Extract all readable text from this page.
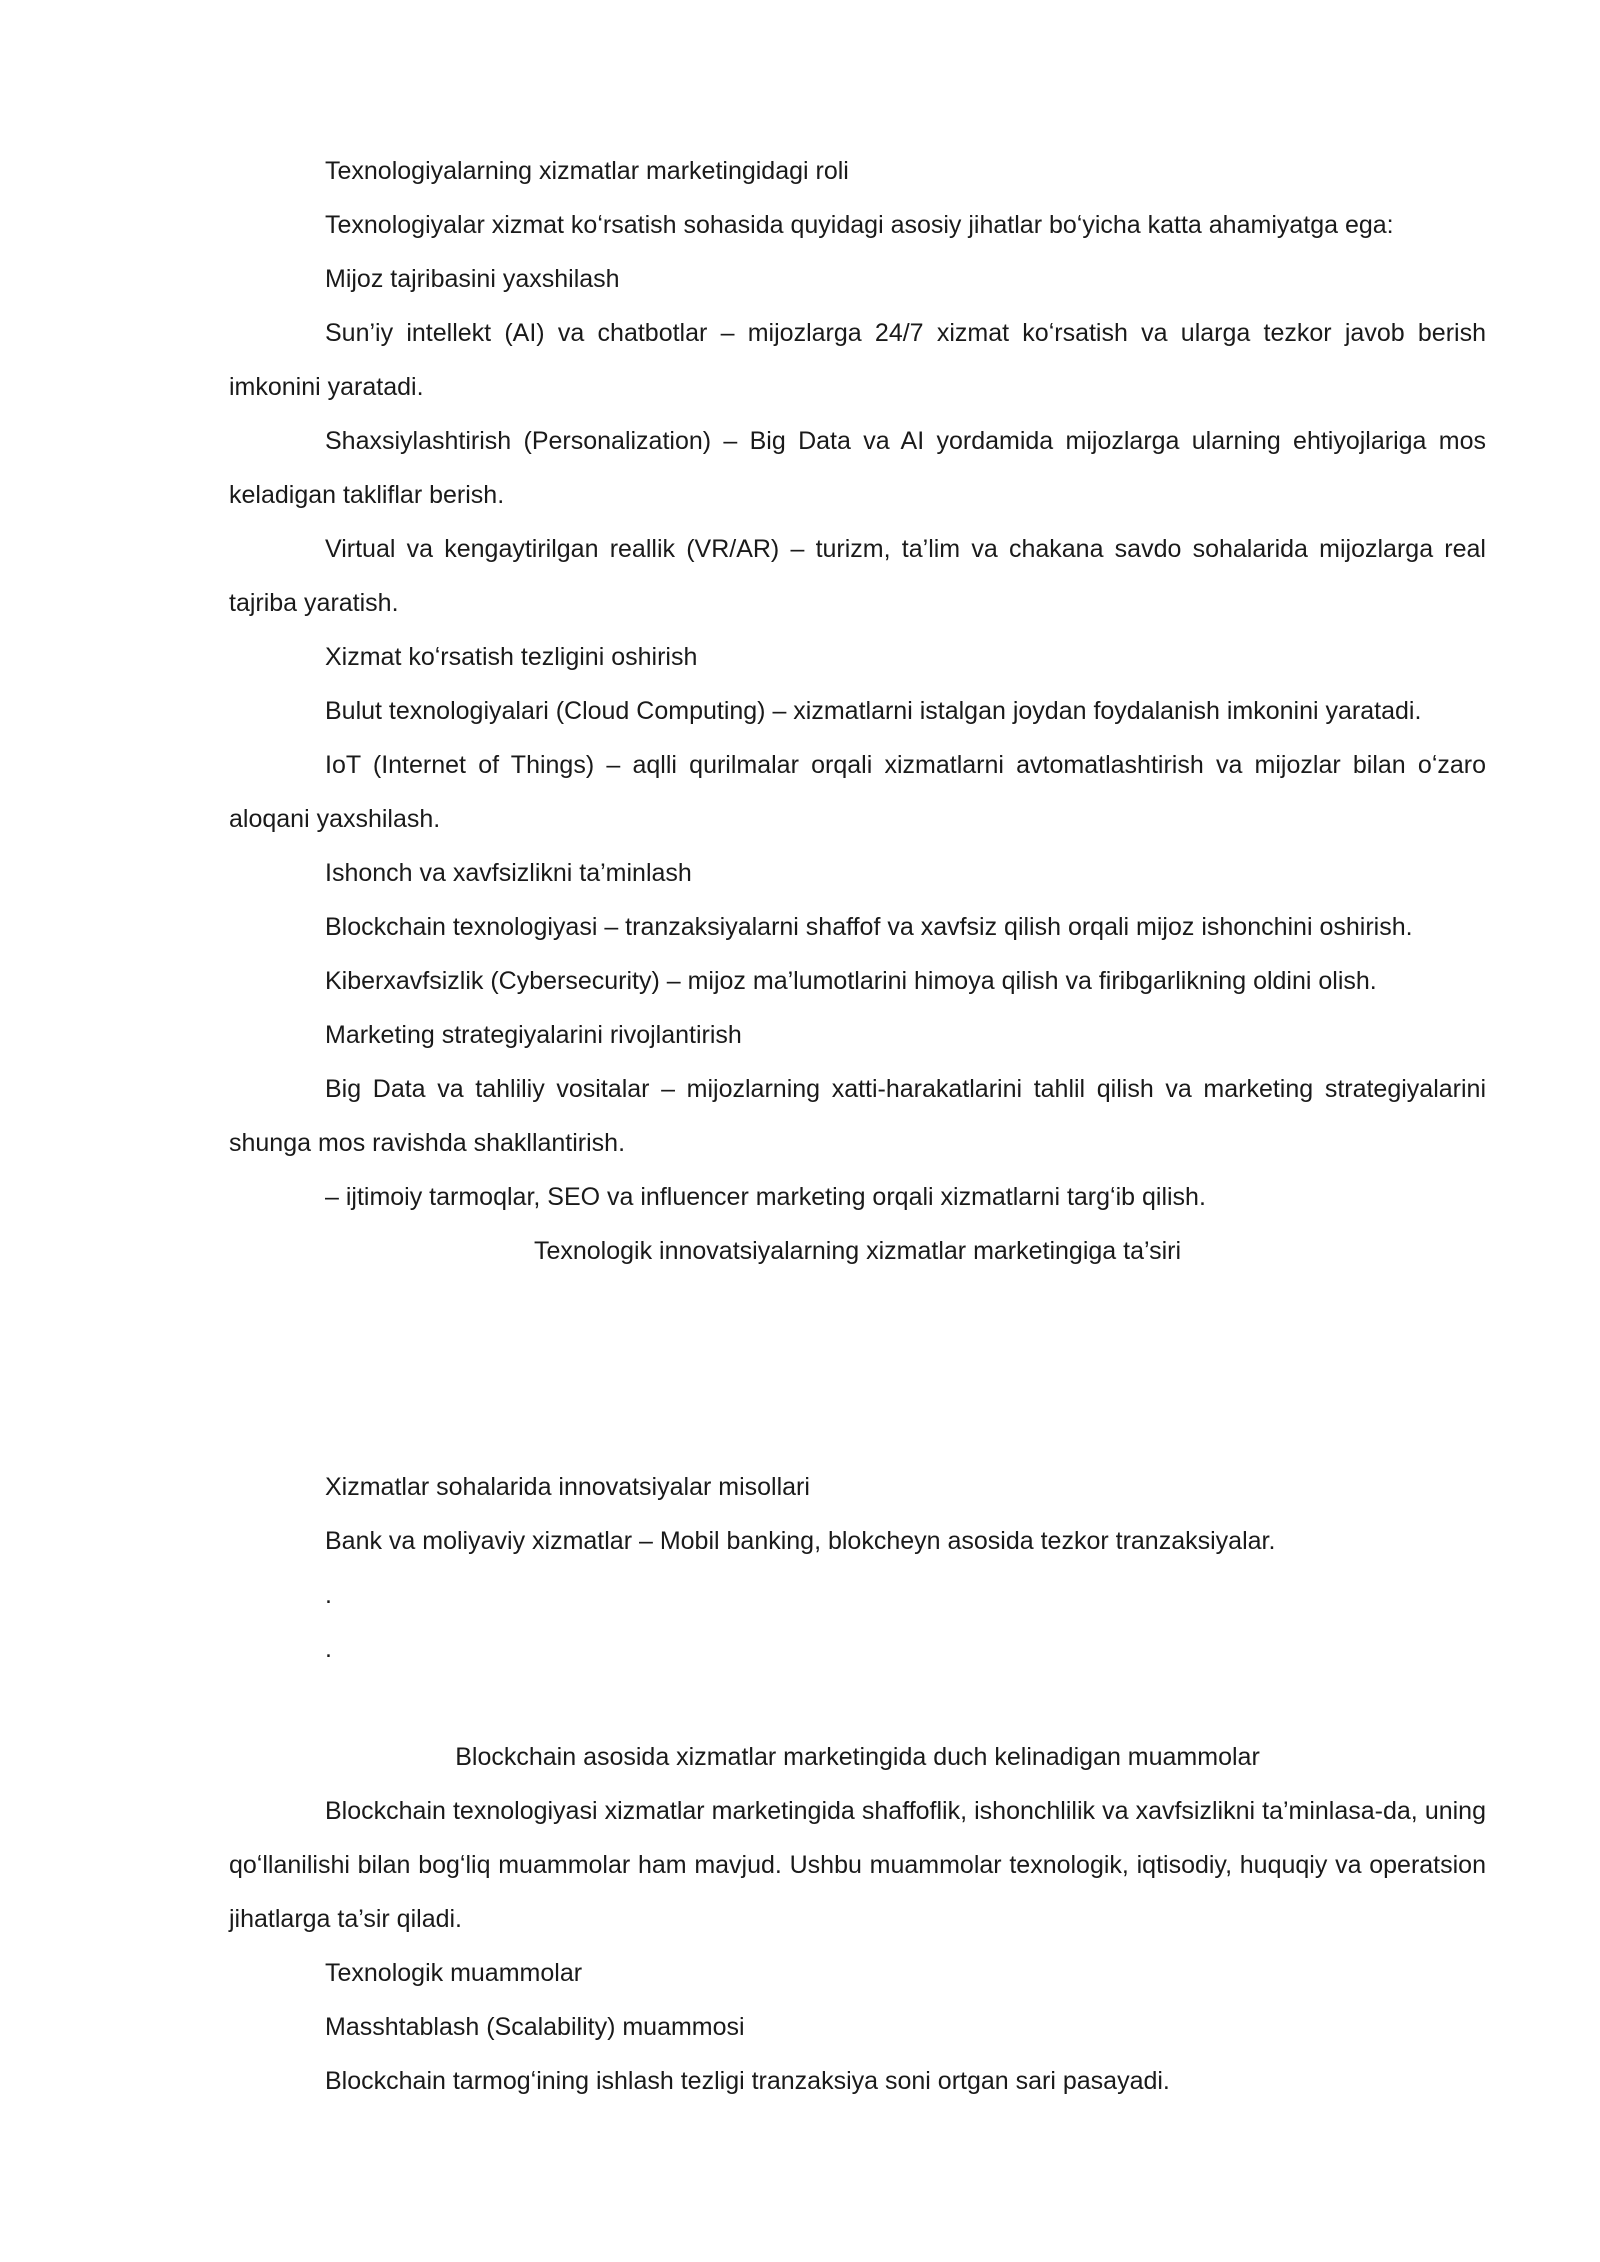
Texnologiyalarning xizmatlar marketingidagi roli

Texnologiyalar xizmat koʻrsatish sohasida quyidagi asosiy jihatlar boʻyicha katta ahamiyatga ega:

Mijoz tajribasini yaxshilash

Sun’iy intellekt (AI) va chatbotlar – mijozlarga 24/7 xizmat koʻrsatish va ularga tezkor javob berish imkonini yaratadi.

Shaxsiylashtirish (Personalization) – Big Data va AI yordamida mijozlarga ularning ehtiyojlariga mos keladigan takliflar berish.

Virtual va kengaytirilgan reallik (VR/AR) – turizm, ta’lim va chakana savdo sohalarida mijozlarga real tajriba yaratish.

Xizmat koʻrsatish tezligini oshirish

Bulut texnologiyalari (Cloud Computing) – xizmatlarni istalgan joydan foydalanish imkonini yaratadi.

IoT (Internet of Things) – aqlli qurilmalar orqali xizmatlarni avtomatlashtirish va mijozlar bilan oʻzaro aloqani yaxshilash.

Ishonch va xavfsizlikni ta’minlash

Blockchain texnologiyasi – tranzaksiyalarni shaffof va xavfsiz qilish orqali mijoz ishonchini oshirish.

Kiberxavfsizlik (Cybersecurity) – mijoz ma’lumotlarini himoya qilish va firibgarlikning oldini olish.

Marketing strategiyalarini rivojlantirish

Big Data va tahliliy vositalar – mijozlarning xatti-harakatlarini tahlil qilish va marketing strategiyalarini shunga mos ravishda shakllantirish.

– ijtimoiy tarmoqlar, SEO va influencer marketing orqali xizmatlarni targʻib qilish.

Texnologik innovatsiyalarning xizmatlar marketingiga ta’siri

Xizmatlar sohalarida innovatsiyalar misollari

Bank va moliyaviy xizmatlar – Mobil banking, blokcheyn asosida tezkor tranzaksiyalar.

.

.

Blockchain asosida xizmatlar marketingida duch kelinadigan muammolar

Blockchain texnologiyasi xizmatlar marketingida shaffoflik, ishonchlilik va xavfsizlikni ta’minlasa-da, uning qoʻllanilishi bilan bogʻliq muammolar ham mavjud. Ushbu muammolar texnologik, iqtisodiy, huquqiy va operatsion jihatlarga ta’sir qiladi.

Texnologik muammolar

Masshtablash (Scalability) muammosi

Blockchain tarmogʻining ishlash tezligi tranzaksiya soni ortgan sari pasayadi.
